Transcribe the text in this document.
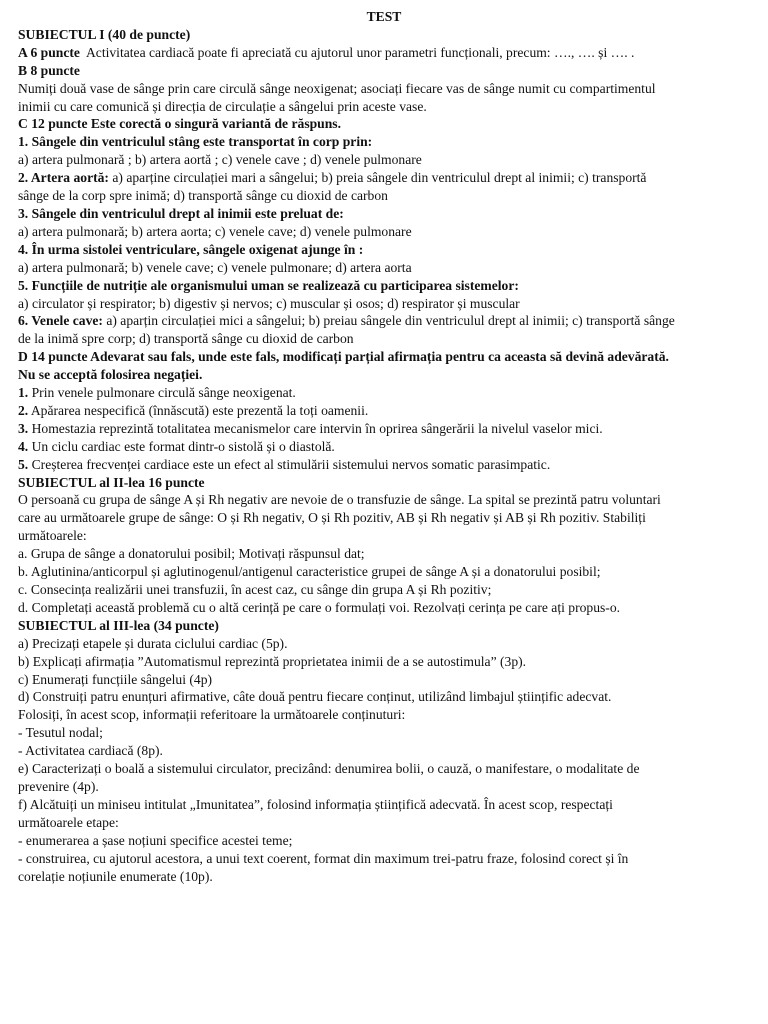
TEST

SUBIECTUL I (40 de puncte)

A 6 puncte  Activitatea cardiacă poate fi apreciată cu ajutorul unor parametri funcționali, precum: …., …. și …. .

B 8 puncte

Numiți două vase de sânge prin care circulă sânge neoxigenat; asociați fiecare vas de sânge numit cu compartimentul

inimii cu care comunică și direcția de circulație a sângelui prin aceste vase.

C 12 puncte Este corectă o singură variantă de răspuns.

1. Sângele din ventriculul stâng este transportat în corp prin:

a) artera pulmonară ; b) artera aortă ; c) venele cave ; d) venele pulmonare

2. Artera aortă: a) aparține circulației mari a sângelui; b) preia sângele din ventriculul drept al inimii; c) transportă

sânge de la corp spre inimă; d) transportă sânge cu dioxid de carbon

3. Sângele din ventriculul drept al inimii este preluat de:

a) artera pulmonară; b) artera aorta; c) venele cave; d) venele pulmonare

4. În urma sistolei ventriculare, sângele oxigenat ajunge în :

a) artera pulmonară; b) venele cave; c) venele pulmonare; d) artera aorta

5. Funcțiile de nutriție ale organismului uman se realizează cu participarea sistemelor:

a) circulator și respirator; b) digestiv și nervos; c) muscular și osos; d) respirator și muscular

6. Venele cave: a) aparțin circulației mici a sângelui; b) preiau sângele din ventriculul drept al inimii; c) transportă sânge

de la inimă spre corp; d) transportă sânge cu dioxid de carbon

D 14 puncte Adevarat sau fals, unde este fals, modificați parțial afirmația pentru ca aceasta să devină adevărată.

Nu se acceptă folosirea negației.

1. Prin venele pulmonare circulă sânge neoxigenat.

2. Apărarea nespecifică (înnăscută) este prezentă la toți oamenii.

3. Homestazia reprezintă totalitatea mecanismelor care intervin în oprirea sângerării la nivelul vaselor mici.

4. Un ciclu cardiac este format dintr-o sistolă și o diastolă.

5. Creșterea frecvenței cardiace este un efect al stimulării sistemului nervos somatic parasimpatic.

SUBIECTUL al II-lea 16 puncte

O persoană cu grupa de sânge A și Rh negativ are nevoie de o transfuzie de sânge. La spital se prezintă patru voluntari

care au următoarele grupe de sânge: O și Rh negativ, O și Rh pozitiv, AB și Rh negativ și AB și Rh pozitiv. Stabiliți

următoarele:

a. Grupa de sânge a donatorului posibil; Motivați răspunsul dat;

b. Aglutinina/anticorpul și aglutinogenul/antigenul caracteristice grupei de sânge A și a donatorului posibil;

c. Consecința realizării unei transfuzii, în acest caz, cu sânge din grupa A și Rh pozitiv;

d. Completați această problemă cu o altă cerință pe care o formulați voi. Rezolvați cerința pe care ați propus-o.

SUBIECTUL al III-lea (34 puncte)

a) Precizați etapele și durata ciclului cardiac (5p).

b) Explicați afirmația ”Automatismul reprezintă proprietatea inimii de a se autostimula” (3p).

c) Enumerați funcțiile sângelui (4p)

d) Construiți patru enunțuri afirmative, câte două pentru fiecare conținut, utilizând limbajul științific adecvat.

Folosiți, în acest scop, informații referitoare la următoarele conținuturi:

- Tesutul nodal;

- Activitatea cardiacă (8p).

e) Caracterizați o boală a sistemului circulator, precizând: denumirea bolii, o cauză, o manifestare, o modalitate de

prevenire (4p).

f) Alcătuiți un miniseu intitulat „Imunitatea”, folosind informația științifică adecvată. În acest scop, respectați

următoarele etape:

- enumerarea a șase noțiuni specifice acestei teme;

- construirea, cu ajutorul acestora, a unui text coerent, format din maximum trei-patru fraze, folosind corect și în

corelație noțiunile enumerate (10p).
